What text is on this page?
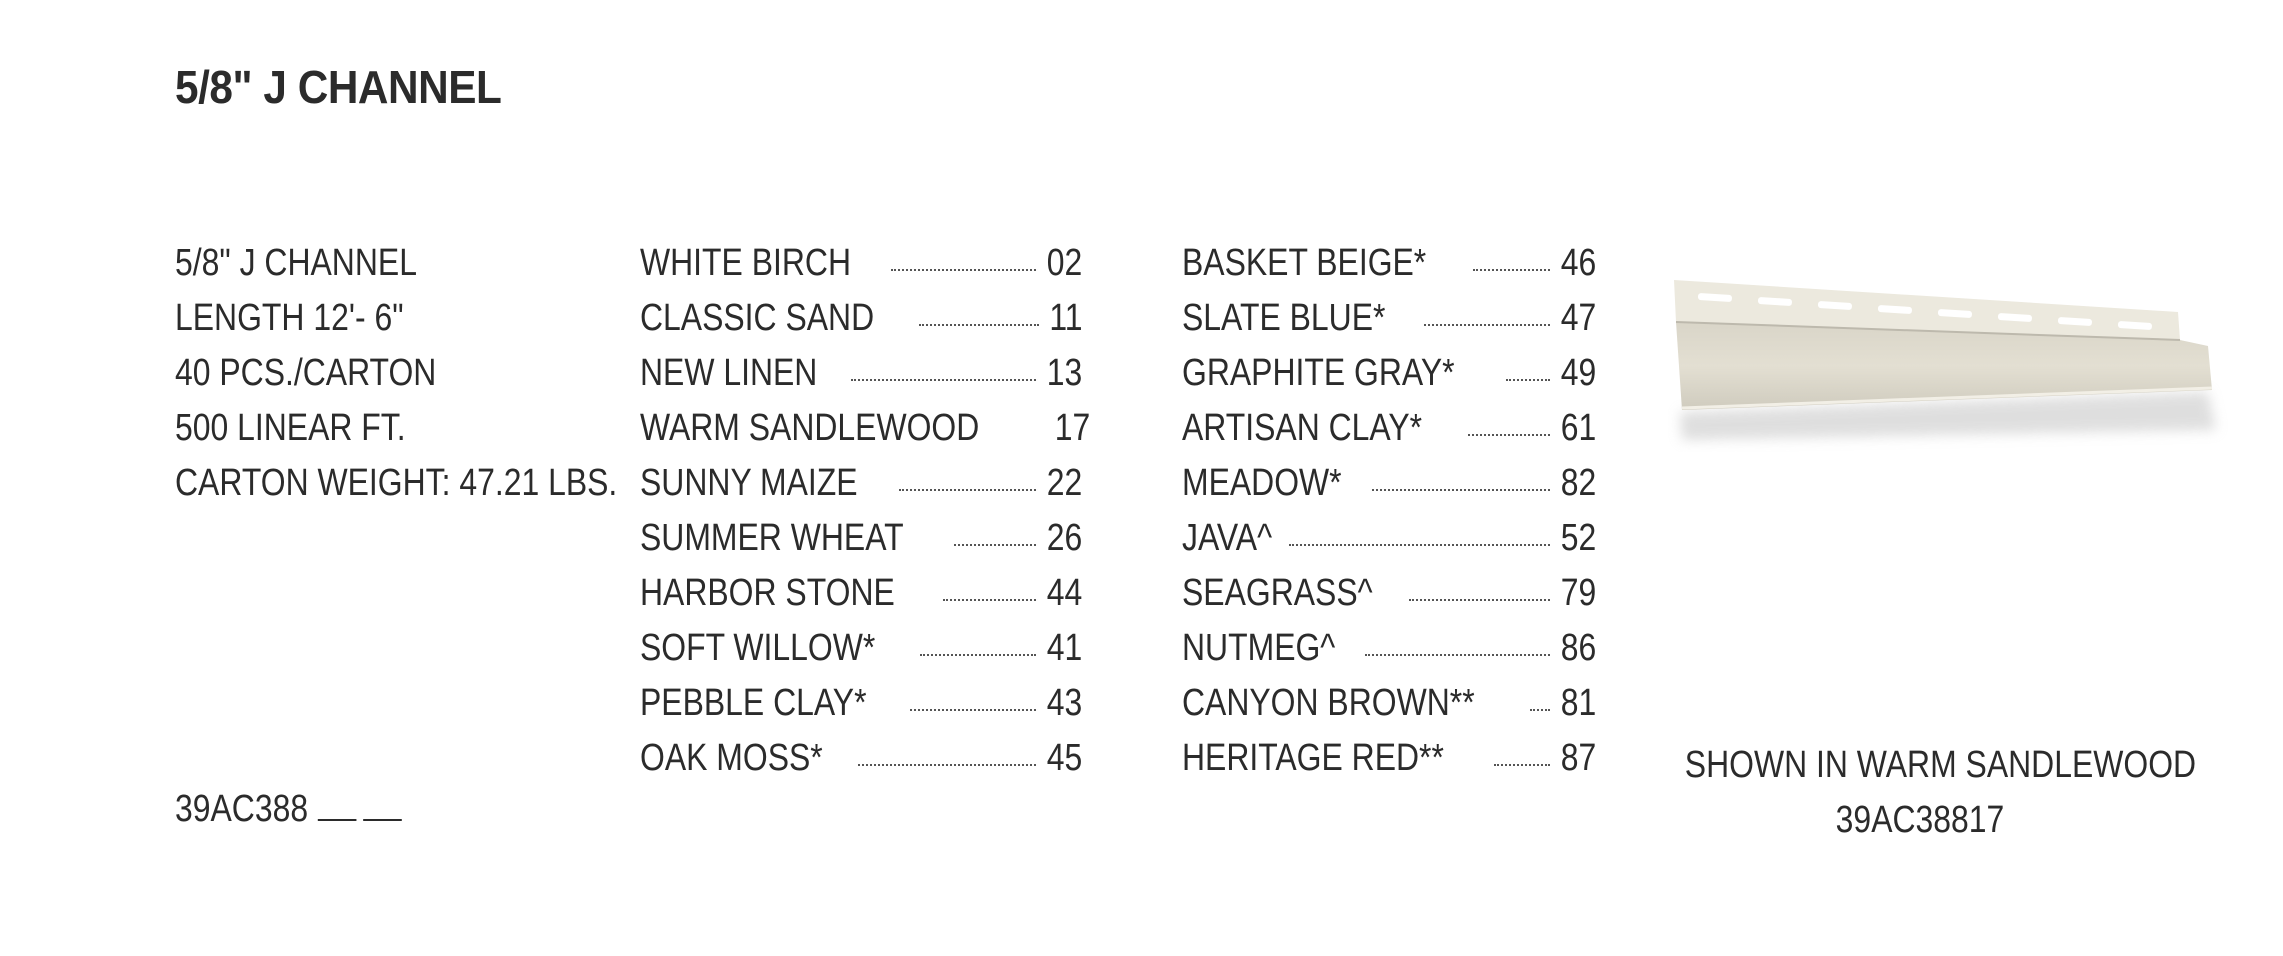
5/8" J CHANNEL
5/8" J CHANNEL
LENGTH 12'- 6"
40 PCS./CARTON
500 LINEAR FT.
CARTON WEIGHT: 47.21 LBS.
39AC388
WHITE BIRCH	02
CLASSIC SAND	11
NEW LINEN	13
WARM SANDLEWOOD 17
SUNNY MAIZE	22
SUMMER WHEAT	26
HARBOR STONE	44
SOFT WILLOW*	41
PEBBLE CLAY*	43
OAK MOSS*	45
BASKET BEIGE*	46
SLATE BLUE*	47
GRAPHITE GRAY*	49
ARTISAN CLAY*	61
MEADOW*	82
JAVA^	52
SEAGRASS^	79
NUTMEG^	86
CANYON BROWN** 81
HERITAGE RED**	87 SHOWN IN WARM SANDLEWOOD
39AC38817
